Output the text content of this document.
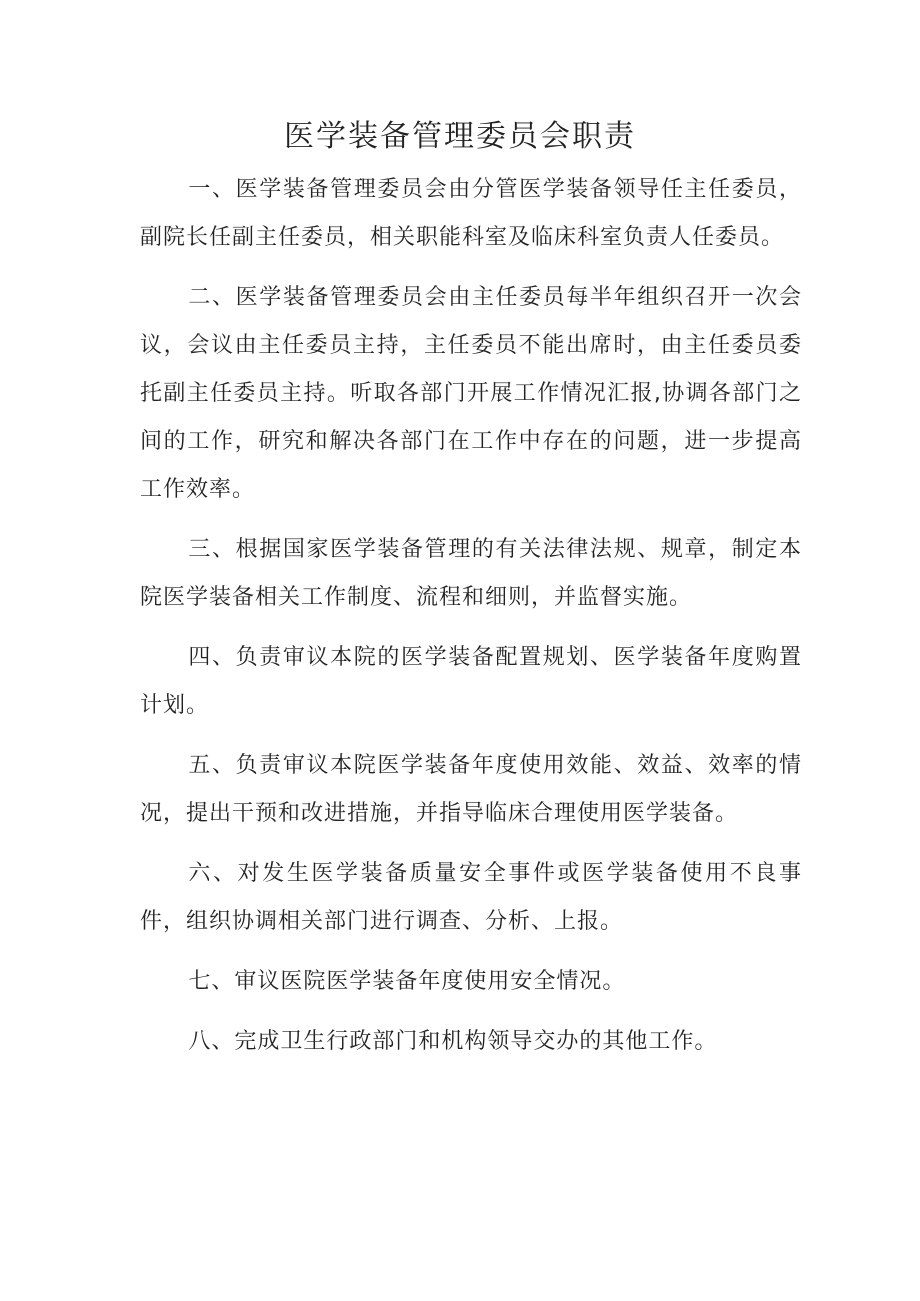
医学装备管理委员会职责

一、医学装备管理委员会由分管医学装备领导任主任委员，副院长任副主任委员，相关职能科室及临床科室负责人任委员。

二、医学装备管理委员会由主任委员每半年组织召开一次会议，会议由主任委员主持，主任委员不能出席时，由主任委员委托副主任委员主持。听取各部门开展工作情况汇报,协调各部门之间的工作，研究和解决各部门在工作中存在的问题，进一步提高工作效率。

三、根据国家医学装备管理的有关法律法规、规章，制定本院医学装备相关工作制度、流程和细则，并监督实施。

四、负责审议本院的医学装备配置规划、医学装备年度购置计划。

五、负责审议本院医学装备年度使用效能、效益、效率的情况，提出干预和改进措施，并指导临床合理使用医学装备。

六、对发生医学装备质量安全事件或医学装备使用不良事件，组织协调相关部门进行调查、分析、上报。

七、审议医院医学装备年度使用安全情况。

八、完成卫生行政部门和机构领导交办的其他工作。
